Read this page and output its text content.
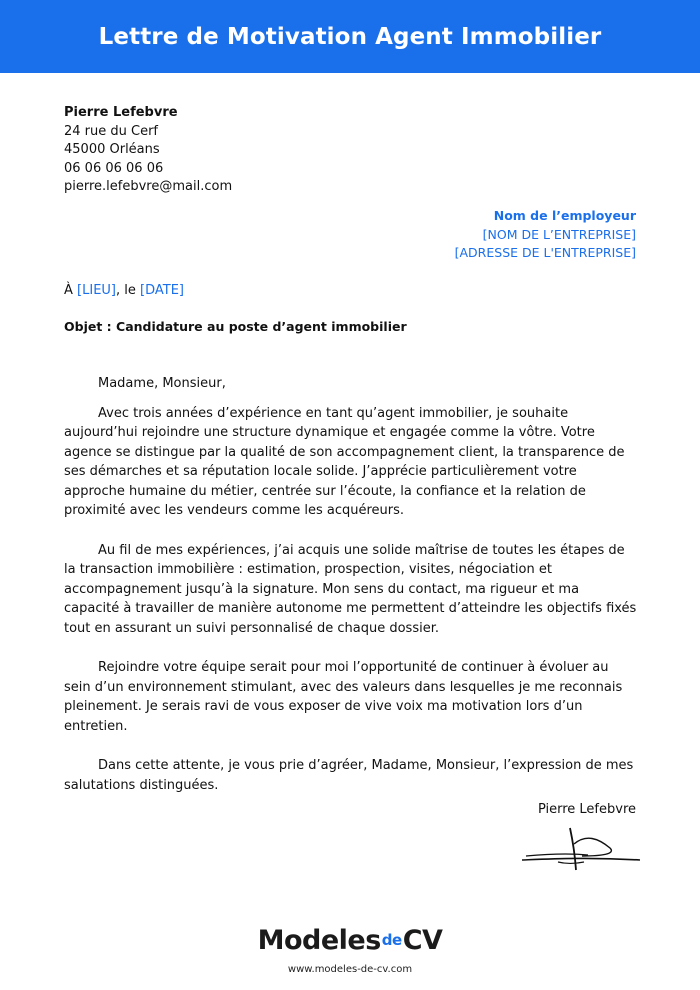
Lettre de Motivation Agent Immobilier
Pierre Lefebvre
24 rue du Cerf
45000 Orléans
06 06 06 06 06
pierre.lefebvre@mail.com
Nom de l’employeur
[NOM DE L’ENTREPRISE]
[ADRESSE DE L'ENTREPRISE]
À [LIEU], le [DATE]
Objet : Candidature au poste d’agent immobilier

Madame, Monsieur,

Avec trois années d’expérience en tant qu’agent immobilier, je souhaite aujourd’hui rejoindre une structure dynamique et engagée comme la vôtre. Votre agence se distingue par la qualité de son accompagnement client, la transparence de ses démarches et sa réputation locale solide. J’apprécie particulièrement votre approche humaine du métier, centrée sur l’écoute, la confiance et la relation de proximité avec les vendeurs comme les acquéreurs.

Au fil de mes expériences, j’ai acquis une solide maîtrise de toutes les étapes de la transaction immobilière : estimation, prospection, visites, négociation et accompagnement jusqu’à la signature. Mon sens du contact, ma rigueur et ma capacité à travailler de manière autonome me permettent d’atteindre les objectifs fixés tout en assurant un suivi personnalisé de chaque dossier.

Rejoindre votre équipe serait pour moi l’opportunité de continuer à évoluer au sein d’un environnement stimulant, avec des valeurs dans lesquelles je me reconnais pleinement. Je serais ravi de vous exposer de vive voix ma motivation lors d’un entretien.

Dans cette attente, je vous prie d’agréer, Madame, Monsieur, l’expression de mes salutations distinguées.

Pierre Lefebvre
ModelesdeCV
www.modeles-de-cv.com
